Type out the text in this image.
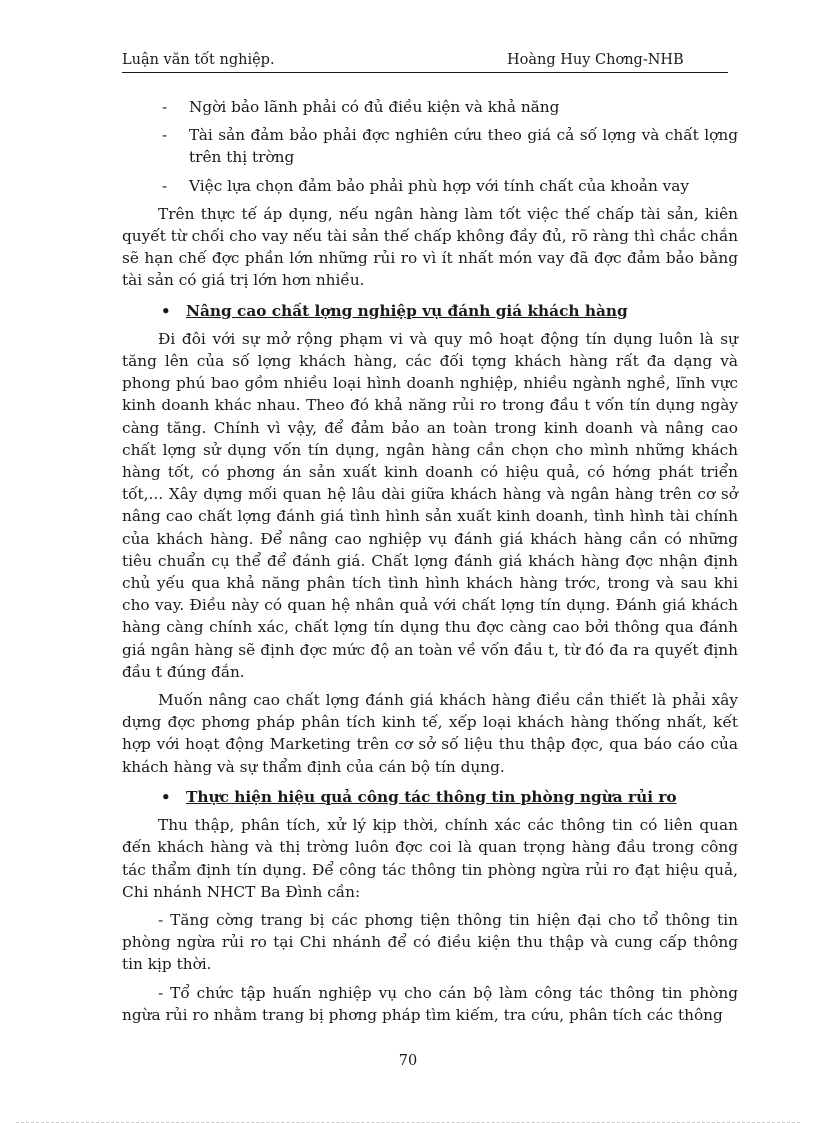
Luận văn tốt nghiệp.	Hoàng Huy Chơng-NHB
- Ngời bảo lãnh phải có đủ điều kiện và khả năng
- Tài sản đảm bảo phải đợc nghiên cứu theo giá cả số lợng và chất lợng trên thị trờng
- Việc lựa chọn đảm bảo phải phù hợp với tính chất của khoản vay

Trên thực tế áp dụng, nếu ngân hàng làm tốt việc thế chấp tài sản, kiên quyết từ chối cho vay nếu tài sản thế chấp không đầy đủ, rõ ràng thì chắc chắn sẽ hạn chế đợc phần lớn những rủi ro vì ít nhất món vay đã đợc đảm bảo bằng tài sản có giá trị lớn hơn nhiều.

• Nâng cao chất lợng nghiệp vụ đánh giá khách hàng

Đi đôi với sự mở rộng phạm vi và quy mô hoạt động tín dụng luôn là sự tăng lên của số lợng khách hàng, các đối tợng khách hàng rất đa dạng và phong phú bao gồm nhiều loại hình doanh nghiệp, nhiều ngành nghề, lĩnh vực kinh doanh khác nhau. Theo đó khả năng rủi ro trong đầu t vốn tín dụng ngày càng tăng. Chính vì vậy, để đảm bảo an toàn trong kinh doanh và nâng cao chất lợng sử dụng vốn tín dụng, ngân hàng cần chọn cho mình những khách hàng tốt, có phơng án sản xuất kinh doanh có hiệu quả, có hớng phát triển tốt,... Xây dựng mối quan hệ lâu dài giữa khách hàng và ngân hàng trên cơ sở nâng cao chất lợng đánh giá tình hình sản xuất kinh doanh, tình hình tài chính của khách hàng. Để nâng cao nghiệp vụ đánh giá khách hàng cần có những tiêu chuẩn cụ thể để đánh giá. Chất lợng đánh giá khách hàng đợc nhận định chủ yếu qua khả năng phân tích tình hình khách hàng trớc, trong và sau khi cho vay. Điều này có quan hệ nhân quả với chất lợng tín dụng. Đánh giá khách hàng càng chính xác, chất lợng tín dụng thu đợc càng cao bởi thông qua đánh giá ngân hàng sẽ định đợc mức độ an toàn về vốn đầu t, từ đó đa ra quyết định đầu t đúng đắn.

Muốn nâng cao chất lợng đánh giá khách hàng điều cần thiết là phải xây dựng đợc phơng pháp phân tích kinh tế, xếp loại khách hàng thống nhất, kết hợp với hoạt động Marketing trên cơ sở số liệu thu thập đợc, qua báo cáo của khách hàng và sự thẩm định của cán bộ tín dụng.

• Thực hiện hiệu quả công tác thông tin phòng ngừa rủi ro

Thu thập, phân tích, xử lý kịp thời, chính xác các thông tin có liên quan đến khách hàng và thị trờng luôn đợc coi là quan trọng hàng đầu trong công tác thẩm định tín dụng. Để công tác thông tin phòng ngừa rủi ro đạt hiệu quả, Chi nhánh NHCT Ba Đình cần:

- Tăng cờng trang bị các phơng tiện thông tin hiện đại cho tổ thông tin phòng ngừa rủi ro tại Chi nhánh để có điều kiện thu thập và cung cấp thông tin kịp thời.

- Tổ chức tập huấn nghiệp vụ cho cán bộ làm công tác thông tin phòng ngừa rủi ro nhằm trang bị phơng pháp tìm kiếm, tra cứu, phân tích các thông

70
